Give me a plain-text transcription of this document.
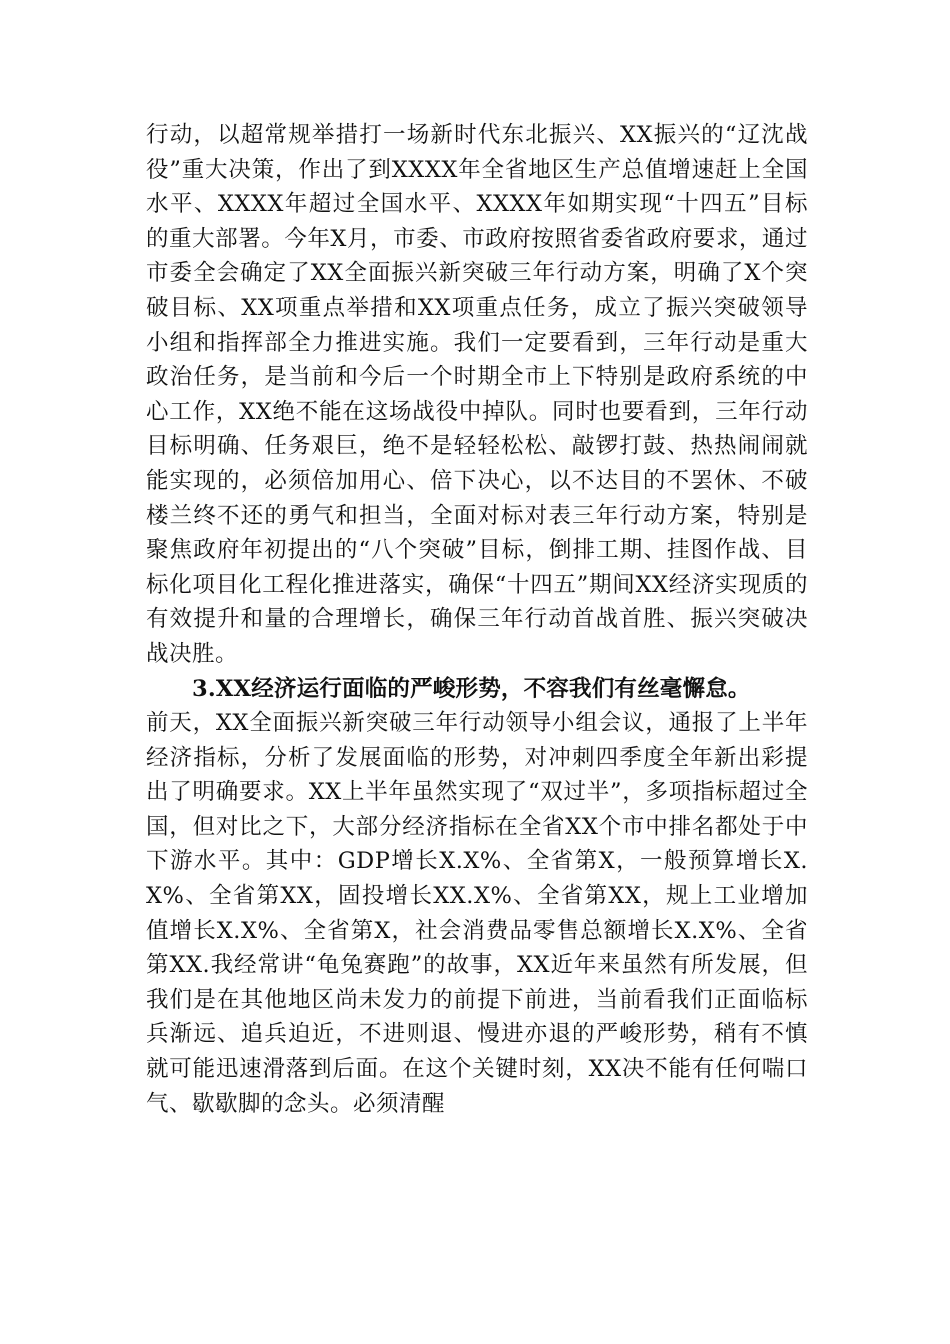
行动，以超常规举措打一场新时代东北振兴、XX振兴的“辽沈战役”重大决策，作出了到XXXX年全省地区生产总值增速赶上全国水平、XXXX年超过全国水平、XXXX年如期实现“十四五”目标的重大部署。今年X月，市委、市政府按照省委省政府要求，通过市委全会确定了XX全面振兴新突破三年行动方案，明确了X个突破目标、XX项重点举措和XX项重点任务，成立了振兴突破领导小组和指挥部全力推进实施。我们一定要看到，三年行动是重大政治任务，是当前和今后一个时期全市上下特别是政府系统的中心工作，XX绝不能在这场战役中掉队。同时也要看到，三年行动目标明确、任务艰巨，绝不是轻轻松松、敲锣打鼓、热热闹闹就能实现的，必须倍加用心、倍下决心，以不达目的不罢休、不破楼兰终不还的勇气和担当，全面对标对表三年行动方案，特别是聚焦政府年初提出的“八个突破”目标，倒排工期、挂图作战、目标化项目化工程化推进落实，确保“十四五”期间XX经济实现质的有效提升和量的合理增长，确保三年行动首战首胜、振兴突破决战决胜。

3.XX经济运行面临的严峻形势，不容我们有丝毫懈怠。

前天，XX全面振兴新突破三年行动领导小组会议，通报了上半年经济指标，分析了发展面临的形势，对冲刺四季度全年新出彩提出了明确要求。XX上半年虽然实现了“双过半”，多项指标超过全国，但对比之下，大部分经济指标在全省XX个市中排名都处于中下游水平。其中：GDP增长X.X%、全省第X，一般预算增长X.X%、全省第XX，固投增长XX.X%、全省第XX，规上工业增加值增长X.X%、全省第X，社会消费品零售总额增长X.X%、全省第XX.我经常讲“龟兔赛跑”的故事，XX近年来虽然有所发展，但我们是在其他地区尚未发力的前提下前进，当前看我们正面临标兵渐远、追兵迫近，不进则退、慢进亦退的严峻形势，稍有不慎就可能迅速滑落到后面。在这个关键时刻，XX决不能有任何喘口气、歇歇脚的念头。必须清醒
